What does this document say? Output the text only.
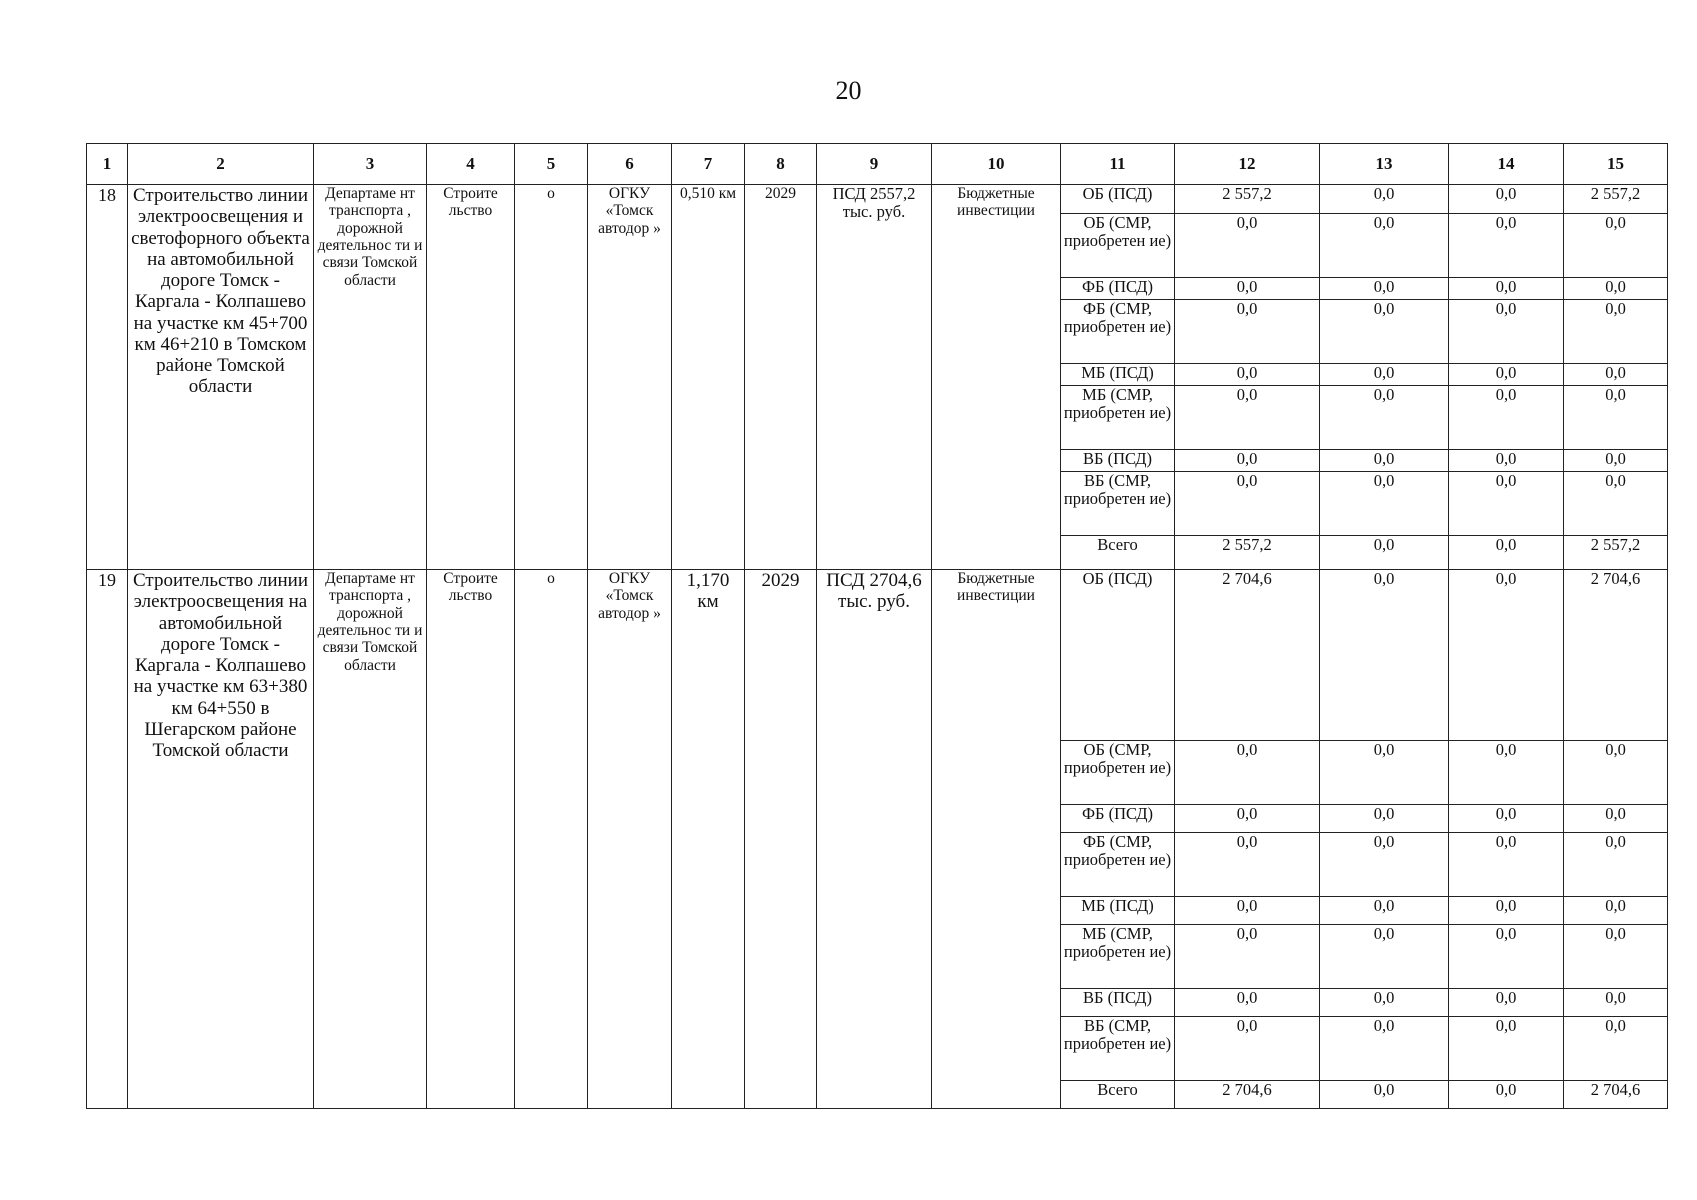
20
1	2	3	4	5	6	7	8	9	10	11	12	13	14	15
18	Строительство линии электроосвещения и светофорного объекта на автомобильной дороге Томск - Каргала - Колпашево на участке км 45+700 км 46+210 в Томском районе Томской области	Департаме нт транспорта , дорожной деятельнос ти и связи Томской области	Строите льство	о	ОГКУ «Томск автодор »	0,510 км	2029	ПСД 2557,2 тыс. руб.	Бюджетные инвестиции	ОБ (ПСД)	2 557,2	0,0	0,0	2 557,2
										ОБ (СМР, приобретен ие)	0,0	0,0	0,0	0,0
										ФБ (ПСД)	0,0	0,0	0,0	0,0
										ФБ (СМР, приобретен ие)	0,0	0,0	0,0	0,0
										МБ (ПСД)	0,0	0,0	0,0	0,0
										МБ (СМР, приобретен ие)	0,0	0,0	0,0	0,0
										ВБ (ПСД)	0,0	0,0	0,0	0,0
										ВБ (СМР, приобретен ие)	0,0	0,0	0,0	0,0
										Всего	2 557,2	0,0	0,0	2 557,2
19	Строительство линии электроосвещения на автомобильной дороге Томск - Каргала - Колпашево на участке км 63+380 км 64+550 в Шегарском районе Томской области	Департаме нт транспорта , дорожной деятельнос ти и связи Томской области	Строите льство	о	ОГКУ «Томск автодор »	1,170 км	2029	ПСД 2704,6 тыс. руб.	Бюджетные инвестиции	ОБ (ПСД)	2 704,6	0,0	0,0	2 704,6
										ОБ (СМР, приобретен ие)	0,0	0,0	0,0	0,0
										ФБ (ПСД)	0,0	0,0	0,0	0,0
										ФБ (СМР, приобретен ие)	0,0	0,0	0,0	0,0
										МБ (ПСД)	0,0	0,0	0,0	0,0
										МБ (СМР, приобретен ие)	0,0	0,0	0,0	0,0
										ВБ (ПСД)	0,0	0,0	0,0	0,0
										ВБ (СМР, приобретен ие)	0,0	0,0	0,0	0,0
										Всего	2 704,6	0,0	0,0	2 704,6
